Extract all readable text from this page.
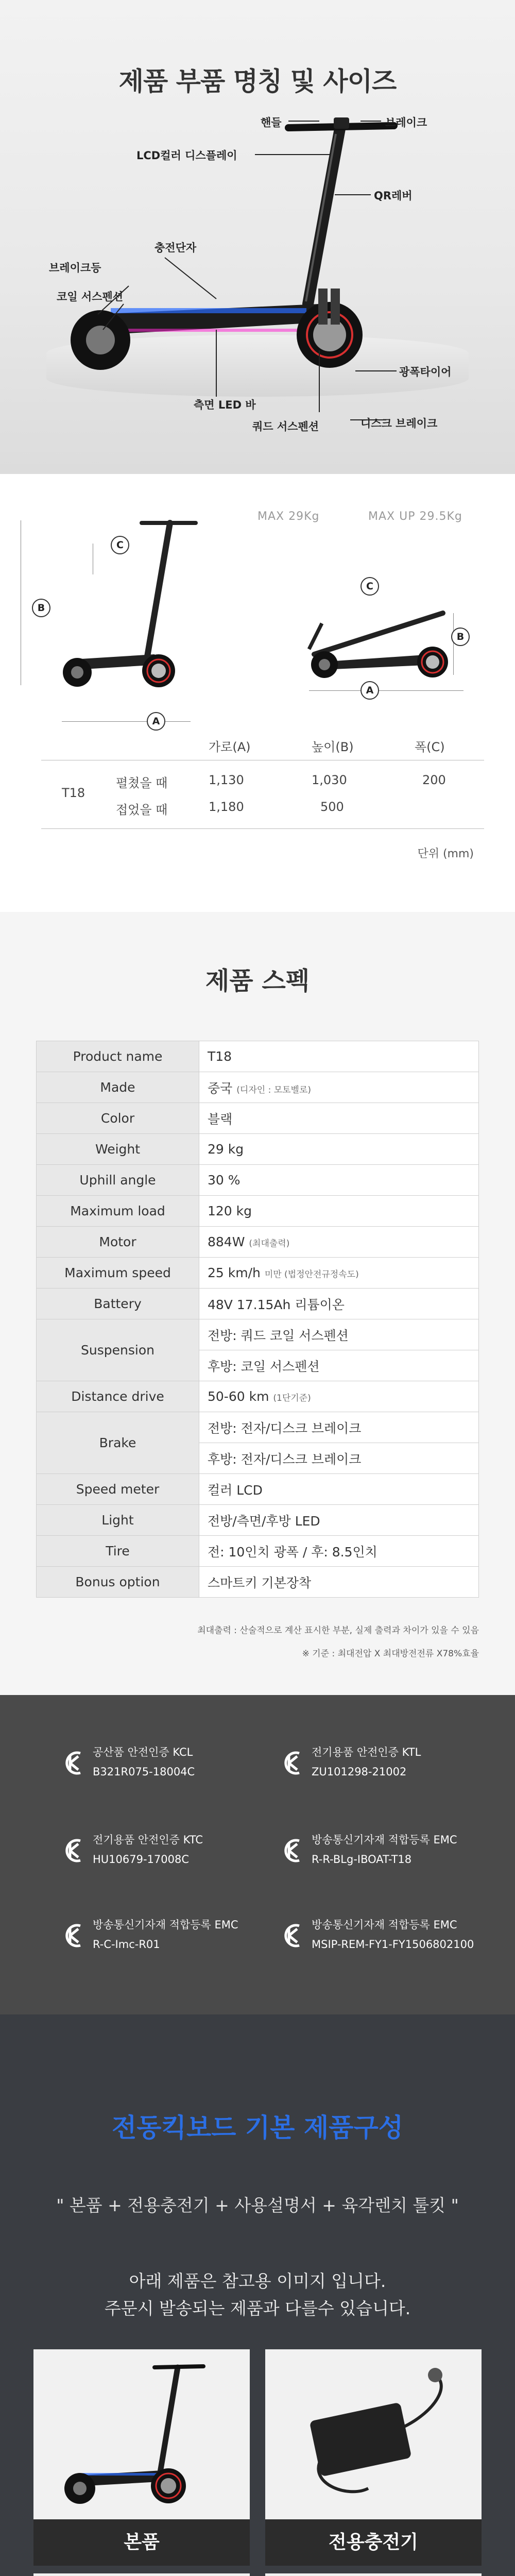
제품 부품 명칭 및 사이즈
핸들	브레이크
LCD컬러 디스플레이
QR레버
충전단자
브레이크등
코일 서스펜션
광폭타이어
측면 LED 바
쿼드 서스펜션	디스크 브레이크
MAX 29Kg	MAX UP 29.5Kg
B
C
A
C
B
A
가로(A)	높이(B)	폭(C)
T18
펼쳤을 때	1,130	1,030	200
접었을 때	1,180	500
단위 (mm)
제품 스펙
Product name	T18
Made	중국 (디자인 : 모토벨로)
Color	블랙
Weight	29 kg
Uphill angle	30 %
Maximum load	120 kg
Motor	884W (최대출력)
Maximum speed	25 km/h 미만 (법정안전규정속도)
Battery	48V 17.15Ah 리튬이온
Suspension	전방: 쿼드 코일 서스펜션
	후방: 코일 서스펜션
Distance drive	50-60 km (1단기준)
Brake	전방: 전자/디스크 브레이크
	후방: 전자/디스크 브레이크
Speed meter	컬러 LCD
Light	전방/측면/후방 LED
Tire	전: 10인치 광폭 / 후: 8.5인치
Bonus option	스마트키 기본장착
최대출력 : 산술적으로 계산 표시한 부분, 실제 출력과 차이가 있을 수 있음
※ 기준 : 최대전압 X 최대방전전류 X78%효율
공산품 안전인증 KCL
B321R075-18004C
전기용품 안전인증 KTL
ZU101298-21002
전기용품 안전인증 KTC
HU10679-17008C
방송통신기자재 적합등록 EMC
R-R-BLg-IBOAT-T18
방송통신기자재 적합등록 EMC
R-C-Imc-R01
방송통신기자재 적합등록 EMC
MSIP-REM-FY1-FY1506802100
전동킥보드 기본 제품구성
" 본품 + 전용충전기 + 사용설명서 + 육각렌치 툴킷 "
아래 제품은 참고용 이미지 입니다.
주문시 발송되는 제품과 다를수 있습니다.
본품	전용충전기
